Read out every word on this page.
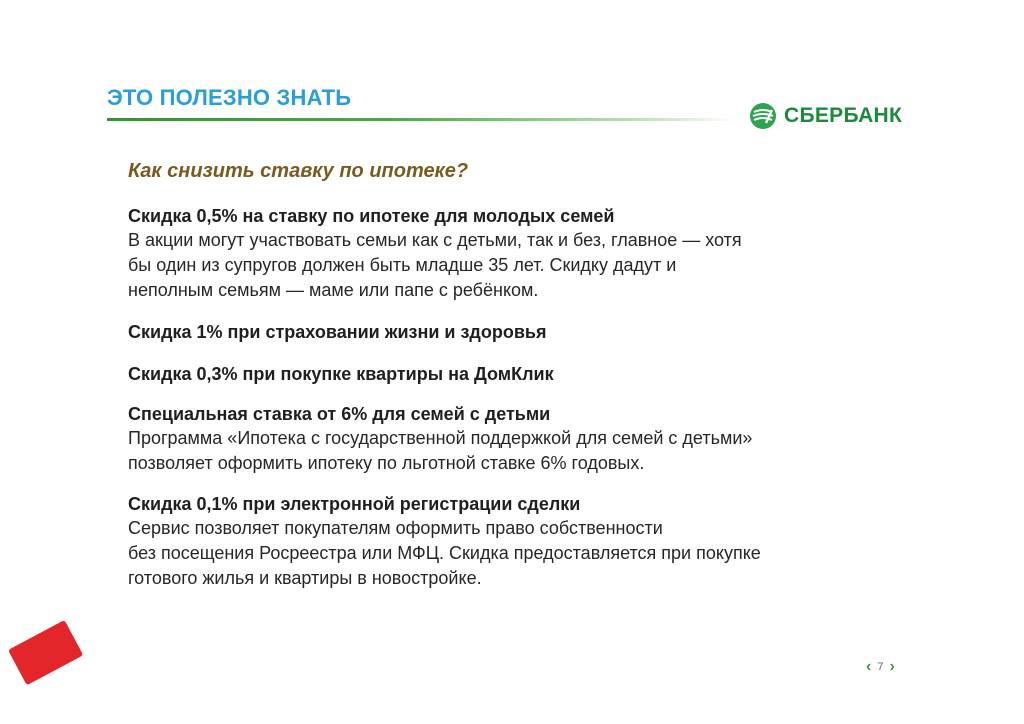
ЭТО ПОЛЕЗНО ЗНАТЬ
СБЕРБАНК
Как снизить ставку по ипотеке?
Скидка 0,5% на ставку по ипотеке для молодых семей
В акции могут участвовать семьи как с детьми, так и без, главное — хотя
бы один из супругов должен быть младше 35 лет. Скидку дадут и
неполным семьям — маме или папе с ребёнком.
Скидка 1% при страховании жизни и здоровья
Скидка 0,3% при покупке квартиры на ДомКлик
Специальная ставка от 6% для семей с детьми
Программа «Ипотека с государственной поддержкой для семей с детьми»
позволяет оформить ипотеку по льготной ставке 6% годовых.
Скидка 0,1% при электронной регистрации сделки
Сервис позволяет покупателям оформить право собственности
без посещения Росреестра или МФЦ. Скидка предоставляется при покупке
готового жилья и квартиры в новостройке.
‹ 7 ›
